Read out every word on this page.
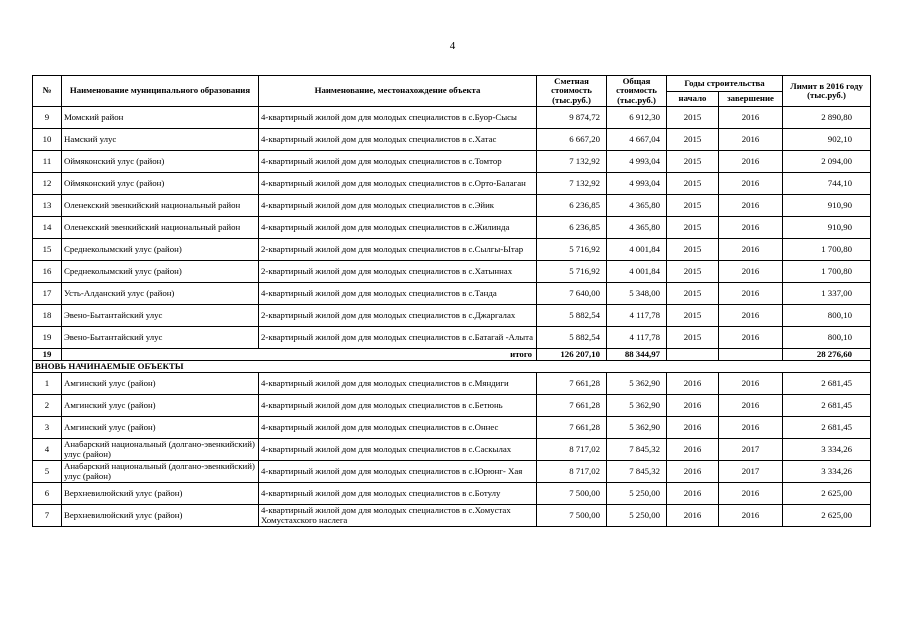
4
№	Наименование муниципального образования	Наименование, местонахождение объекта	Сметная стоимость (тыс.руб.)	Общая стоимость (тыс.руб.)	Годы строительства		Лимит в 2016 году (тыс.руб.)
					начало	завершение	
9	Момский район	4-квартирный жилой дом для молодых специалистов в с.Буор-Сысы	9 874,72	6 912,30	2015	2016	2 890,80
10	Намский улус	4-квартирный жилой дом для молодых специалистов в с.Хатас	6 667,20	4 667,04	2015	2016	902,10
11	Оймяконский улус (район)	4-квартирный жилой дом для молодых специалистов в с.Томтор	7 132,92	4 993,04	2015	2016	2 094,00
12	Оймяконский улус (район)	4-квартирный жилой дом для молодых специалистов в с.Орто-Балаган	7 132,92	4 993,04	2015	2016	744,10
13	Оленекский эвенкийский национальный район	4-квартирный жилой дом для молодых специалистов в с.Эйик	6 236,85	4 365,80	2015	2016	910,90
14	Оленекский эвенкийский национальный район	4-квартирный жилой дом для молодых специалистов в с.Жилинда	6 236,85	4 365,80	2015	2016	910,90
15	Среднеколымский улус (район)	2-квартирный жилой дом для молодых специалистов в с.Сылгы-Ытар	5 716,92	4 001,84	2015	2016	1 700,80
16	Среднеколымский улус (район)	2-квартирный жилой дом для молодых специалистов в с.Хатыннах	5 716,92	4 001,84	2015	2016	1 700,80
17	Усть-Алданский улус (район)	4-квартирный жилой дом для молодых специалистов в с.Танда	7 640,00	5 348,00	2015	2016	1 337,00
18	Эвено-Бытантайский улус	2-квартирный жилой дом для молодых специалистов в с.Джаргалах	5 882,54	4 117,78	2015	2016	800,10
19	Эвено-Бытантайский улус	2-квартирный жилой дом для молодых специалистов в с.Батагай -Алыта	5 882,54	4 117,78	2015	2016	800,10
19	итого		126 207,10	88 344,97			28 276,60
ВНОВЬ НАЧИНАЕМЫЕ ОБЪЕКТЫ							
1	Амгинский улус (район)	4-квартирный жилой дом для молодых специалистов в с.Мяндиги	7 661,28	5 362,90	2016	2016	2 681,45
2	Амгинский улус (район)	4-квартирный жилой дом для молодых специалистов в с.Бетюнь	7 661,28	5 362,90	2016	2016	2 681,45
3	Амгинский улус (район)	4-квартирный жилой дом для молодых специалистов в с.Оннес	7 661,28	5 362,90	2016	2016	2 681,45
4	Анабарский национальный (долгано-эвенкийский) улус (район)	4-квартирный жилой дом для молодых специалистов в с.Саскылах	8 717,02	7 845,32	2016	2017	3 334,26
5	Анабарский национальный (долгано-эвенкийский) улус (район)	4-квартирный жилой дом для молодых специалистов в с.Юрюнг- Хая	8 717,02	7 845,32	2016	2017	3 334,26
6	Верхневилюйский улус (район)	4-квартирный жилой дом для молодых специалистов в с.Ботулу	7 500,00	5 250,00	2016	2016	2 625,00
7	Верхневилюйский улус (район)	4-квартирный жилой дом для молодых специалистов в с.Хомустах Хомустахского наслега	7 500,00	5 250,00	2016	2016	2 625,00
